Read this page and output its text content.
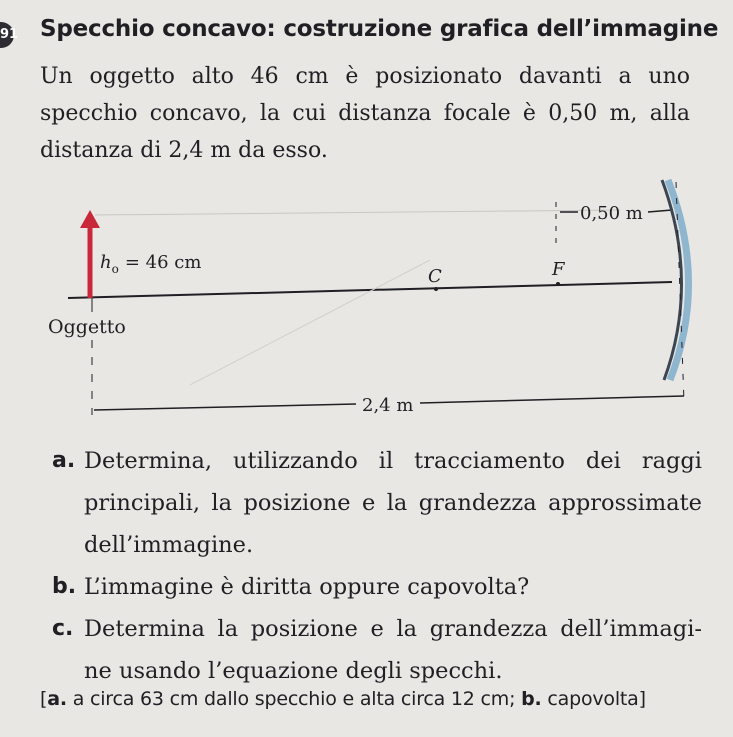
91 Specchio concavo: costruzione grafica dell’immagine
Un oggetto alto 46 cm è posizionato davanti a uno
specchio concavo, la cui distanza focale è 0,50 m, alla
distanza di 2,4 m da esso.
$h_o = 46$ cm
Oggetto
C	F
0,50 m
2,4 m
a. Determina, utilizzando il tracciamento dei raggi
principali, la posizione e la grandezza approssimate
dell’immagine.
b. L’immagine è diritta oppure capovolta?
c. Determina la posizione e la grandezza dell’immagi-
ne usando l’equazione degli specchi.
[a. a circa 63 cm dallo specchio e alta circa 12 cm; b. capovolta]
